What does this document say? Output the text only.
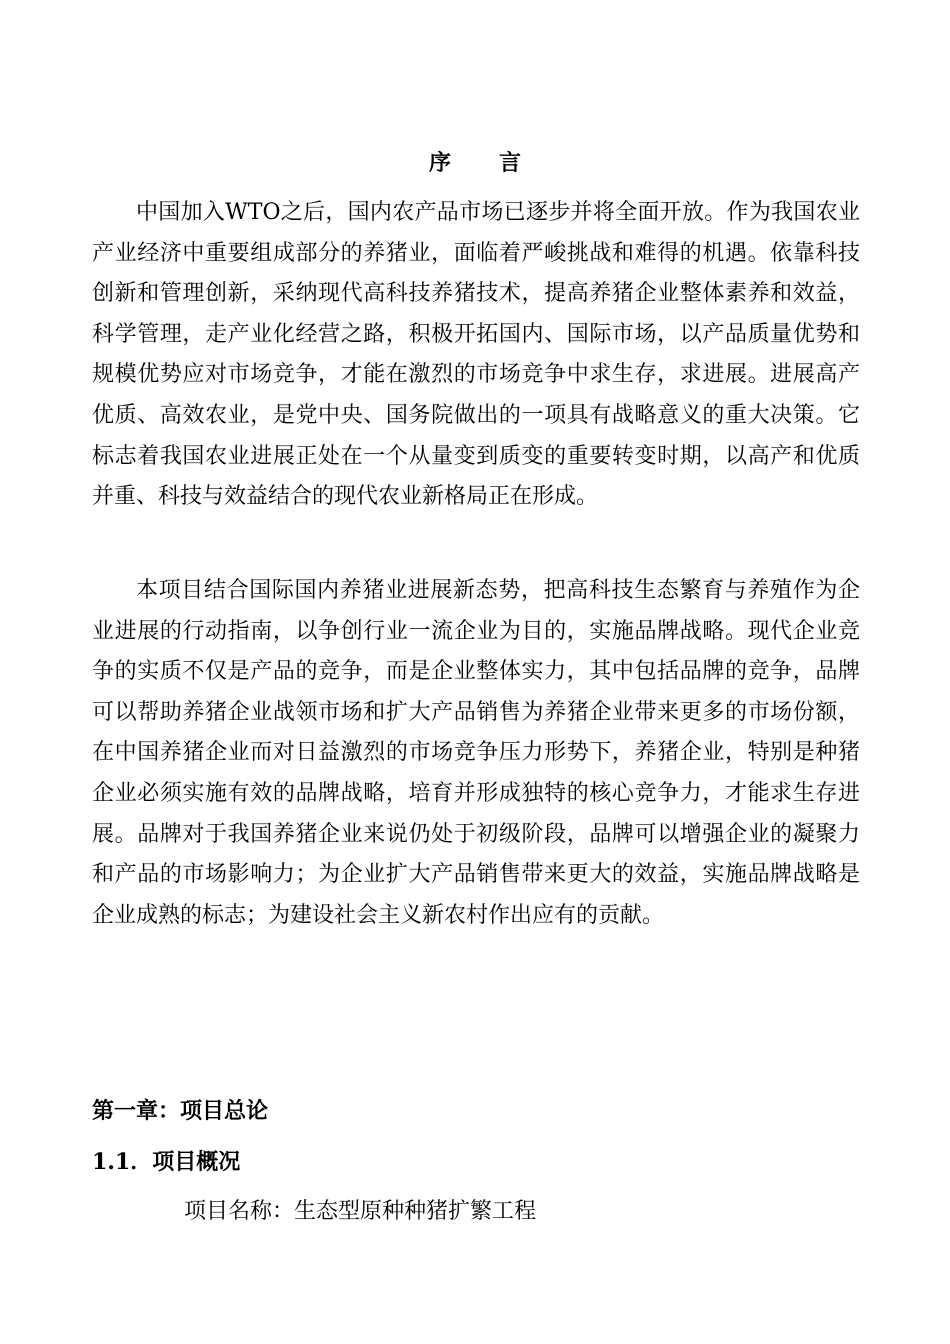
序言

中国加入WTO之后，国内农产品市场已逐步并将全面开放。作为我国农业产业经济中重要组成部分的养猪业，面临着严峻挑战和难得的机遇。依靠科技创新和管理创新，采纳现代高科技养猪技术，提高养猪企业整体素养和效益，科学管理，走产业化经营之路，积极开拓国内、国际市场，以产品质量优势和规模优势应对市场竞争，才能在激烈的市场竞争中求生存，求进展。进展高产优质、高效农业，是党中央、国务院做出的一项具有战略意义的重大决策。它标志着我国农业进展正处在一个从量变到质变的重要转变时期，以高产和优质并重、科技与效益结合的现代农业新格局正在形成。

本项目结合国际国内养猪业进展新态势，把高科技生态繁育与养殖作为企业进展的行动指南，以争创行业一流企业为目的，实施品牌战略。现代企业竞争的实质不仅是产品的竞争，而是企业整体实力，其中包括品牌的竞争，品牌可以帮助养猪企业战领市场和扩大产品销售为养猪企业带来更多的市场份额，在中国养猪企业而对日益激烈的市场竞争压力形势下，养猪企业，特别是种猪企业必须实施有效的品牌战略，培育并形成独特的核心竞争力，才能求生存进展。品牌对于我国养猪企业来说仍处于初级阶段，品牌可以增强企业的凝聚力和产品的市场影响力；为企业扩大产品销售带来更大的效益，实施品牌战略是企业成熟的标志；为建设社会主义新农村作出应有的贡献。

第一章：项目总论
1.1．项目概况
项目名称：生态型原种种猪扩繁工程
